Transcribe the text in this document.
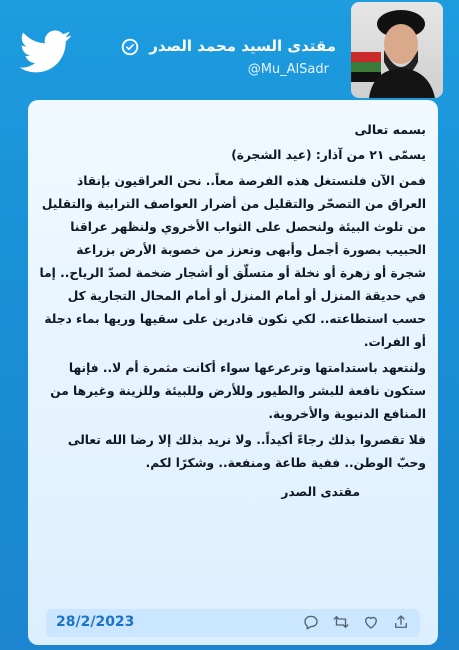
مقتدى السيد محمد الصدر
@Mu_AlSadr

بسمه تعالى

يسمّى ٢١ من آذار: (عيد الشجرة)

فمن الآن فلنستغل هذه الفرصة معاً.. نحن العراقيون بإنقاذ العراق من التصحّر والتقليل من أضرار العواصف الترابية والتقليل من تلوث البيئة ولنحصل على الثواب الأخروي ولنظهر عراقنا الحبيب بصورة أجمل وأبهى ونعزز من خصوبة الأرض بزراعة شجرة أو زهرة أو نخلة أو متسلّق أو أشجار ضخمة لصدّ الرياح.. إما في حديقة المنزل أو أمام المنزل أو أمام المحال التجارية كل حسب استطاعته.. لكي نكون قادرين على سقيها وريها بماء دجلة أو الفرات.

ولنتعهد باستدامتها وترعرعها سواء أكانت مثمرة أم لا.. فإنها ستكون نافعة للبشر والطيور وللأرض وللبيئة وللزينة وغيرها من المنافع الدنيوية والأخروية.

فلا تقصروا بذلك رجاءً أكيداً.. ولا نريد بذلك إلا رضا الله تعالى وحبّ الوطن.. ففية طاعة ومنفعة.. وشكرًا لكم.

مقتدى الصدر

28/2/2023
